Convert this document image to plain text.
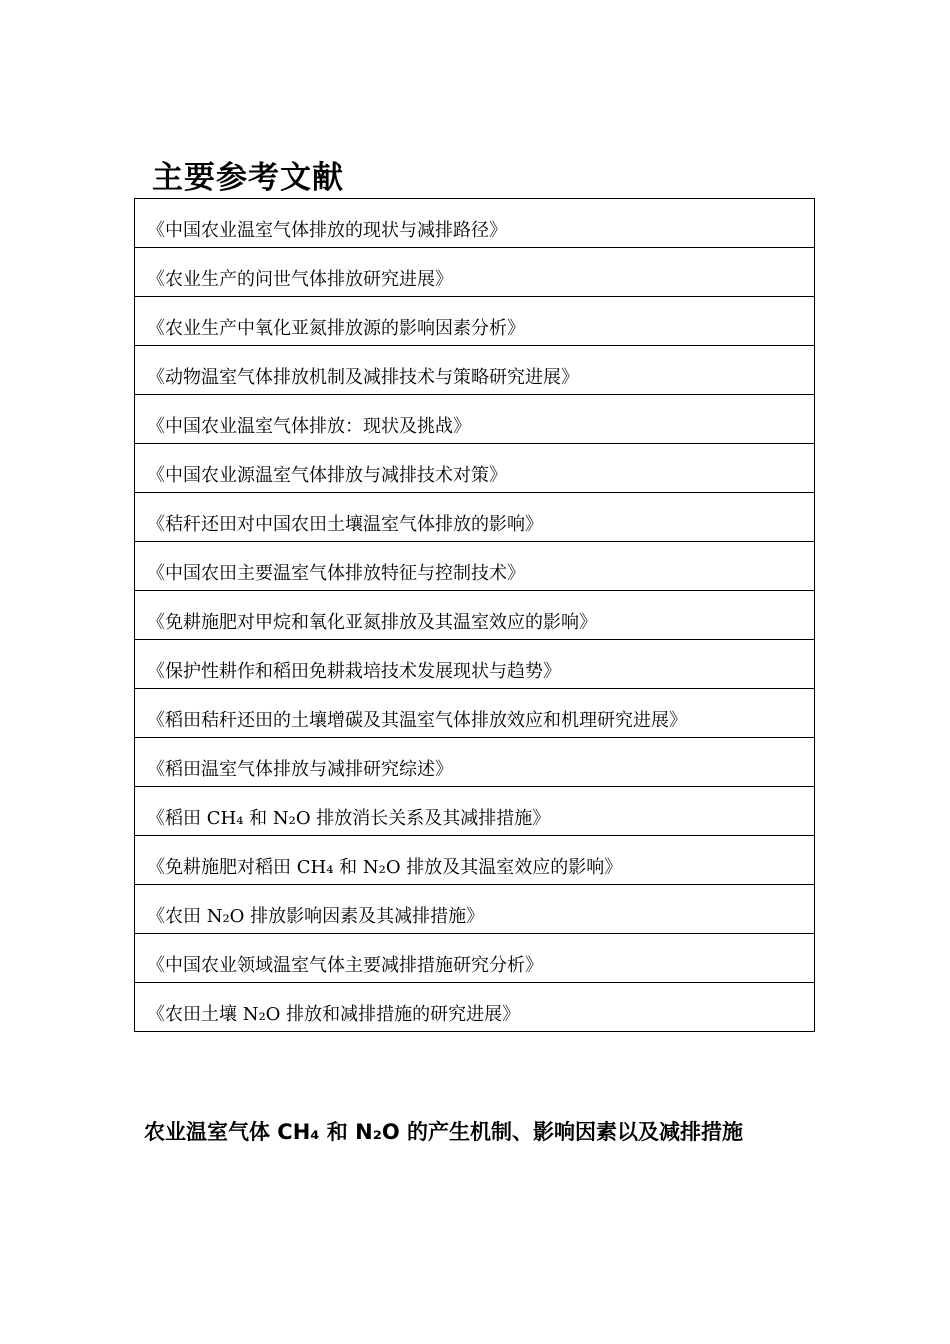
主要参考文献
《中国农业温室气体排放的现状与减排路径》
《农业生产的问世气体排放研究进展》
《农业生产中氧化亚氮排放源的影响因素分析》
《动物温室气体排放机制及减排技术与策略研究进展》
《中国农业温室气体排放：现状及挑战》
《中国农业源温室气体排放与减排技术对策》
《秸秆还田对中国农田土壤温室气体排放的影响》
《中国农田主要温室气体排放特征与控制技术》
《免耕施肥对甲烷和氧化亚氮排放及其温室效应的影响》
《保护性耕作和稻田免耕栽培技术发展现状与趋势》
《稻田秸秆还田的土壤增碳及其温室气体排放效应和机理研究进展》
《稻田温室气体排放与减排研究综述》
《稻田 CH₄ 和 N₂O 排放消长关系及其减排措施》
《免耕施肥对稻田 CH₄ 和 N₂O 排放及其温室效应的影响》
《农田 N₂O 排放影响因素及其减排措施》
《中国农业领域温室气体主要减排措施研究分析》
《农田土壤 N₂O 排放和减排措施的研究进展》
农业温室气体 CH₄ 和 N₂O 的产生机制、影响因素以及减排措施
